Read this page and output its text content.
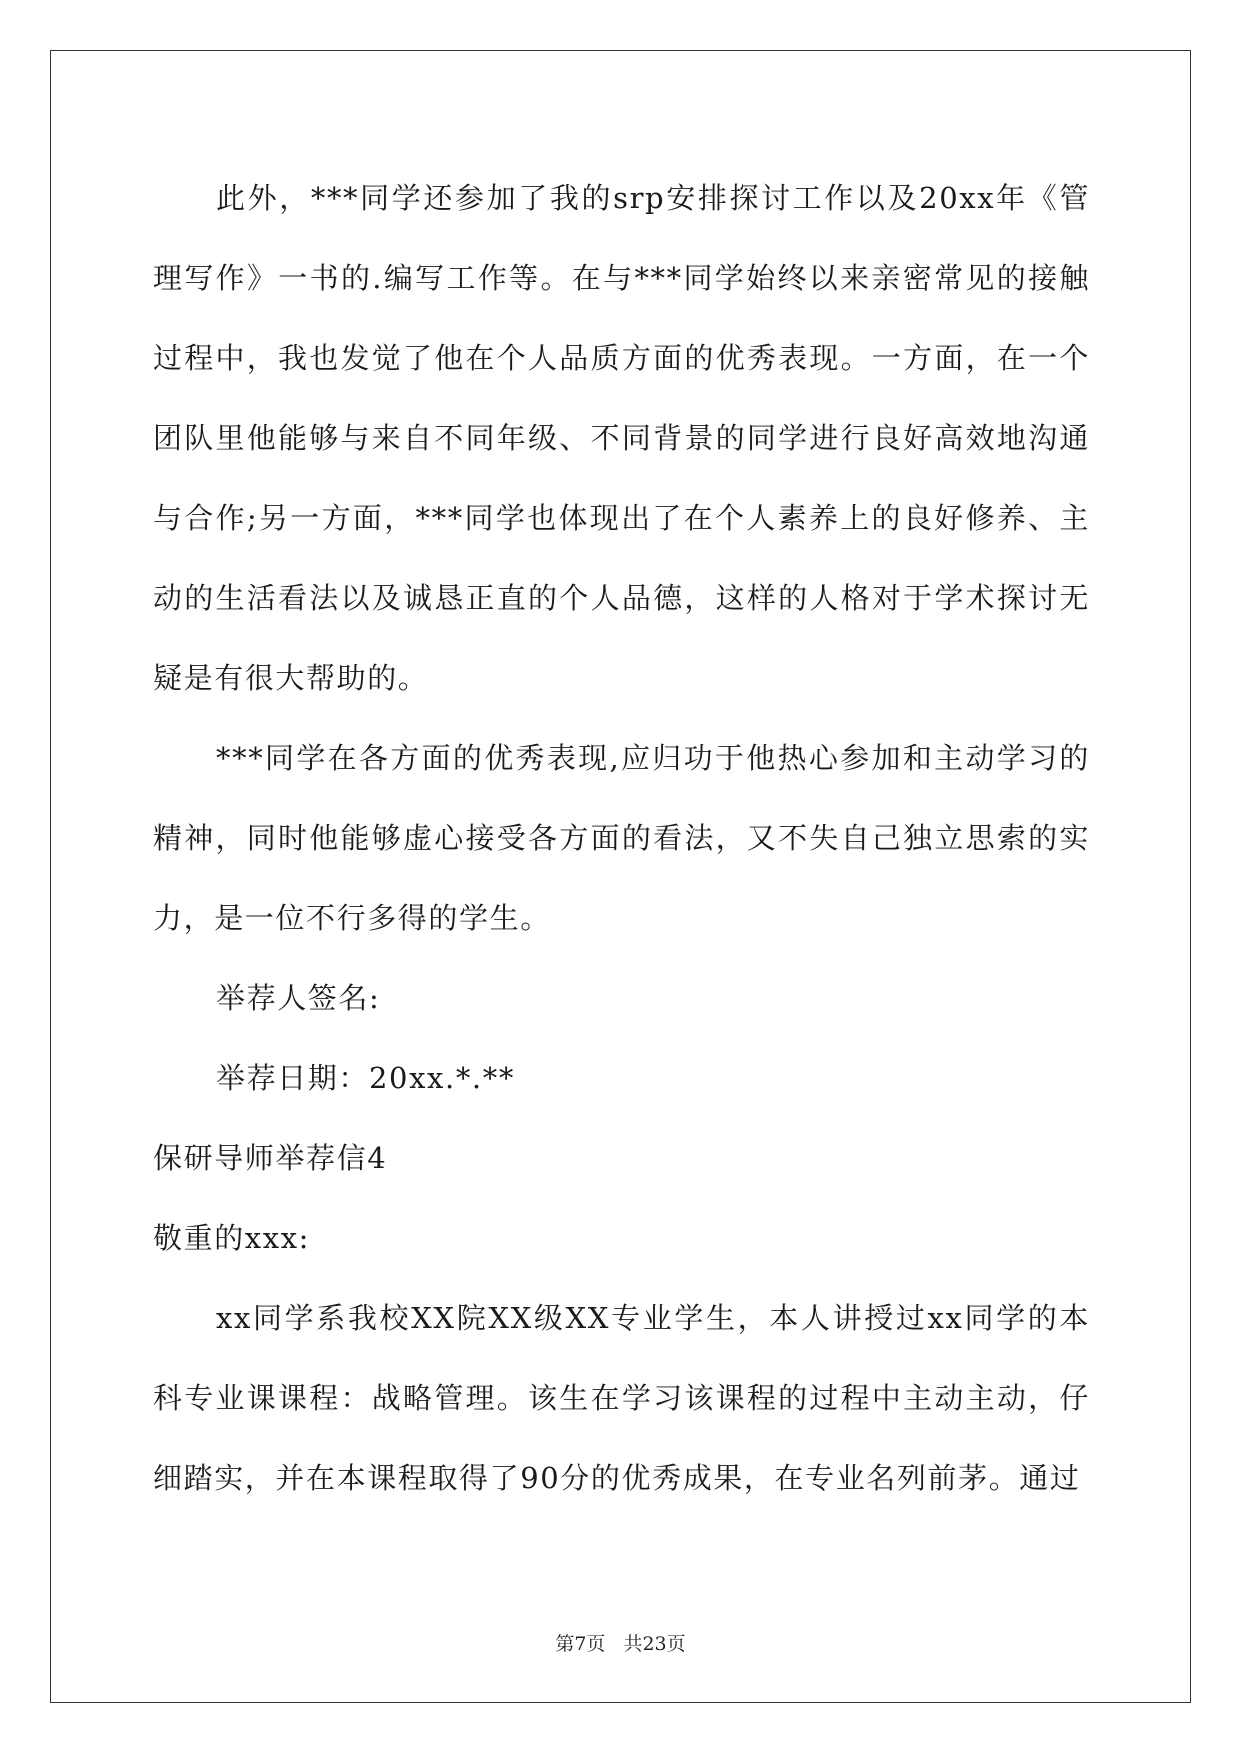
此外，***同学还参加了我的srp安排探讨工作以及20xx年《管理写作》一书的.编写工作等。在与***同学始终以来亲密常见的接触过程中，我也发觉了他在个人品质方面的优秀表现。一方面，在一个团队里他能够与来自不同年级、不同背景的同学进行良好高效地沟通与合作;另一方面，***同学也体现出了在个人素养上的良好修养、主动的生活看法以及诚恳正直的个人品德，这样的人格对于学术探讨无疑是有很大帮助的。

***同学在各方面的优秀表现,应归功于他热心参加和主动学习的精神，同时他能够虚心接受各方面的看法，又不失自己独立思索的实力，是一位不行多得的学生。

举荐人签名:

举荐日期：20xx.*.**

保研导师举荐信4

敬重的xxx:

xx同学系我校XX院XX级XX专业学生，本人讲授过xx同学的本科专业课课程：战略管理。该生在学习该课程的过程中主动主动，仔细踏实，并在本课程取得了90分的优秀成果，在专业名列前茅。通过

第7页 共23页
